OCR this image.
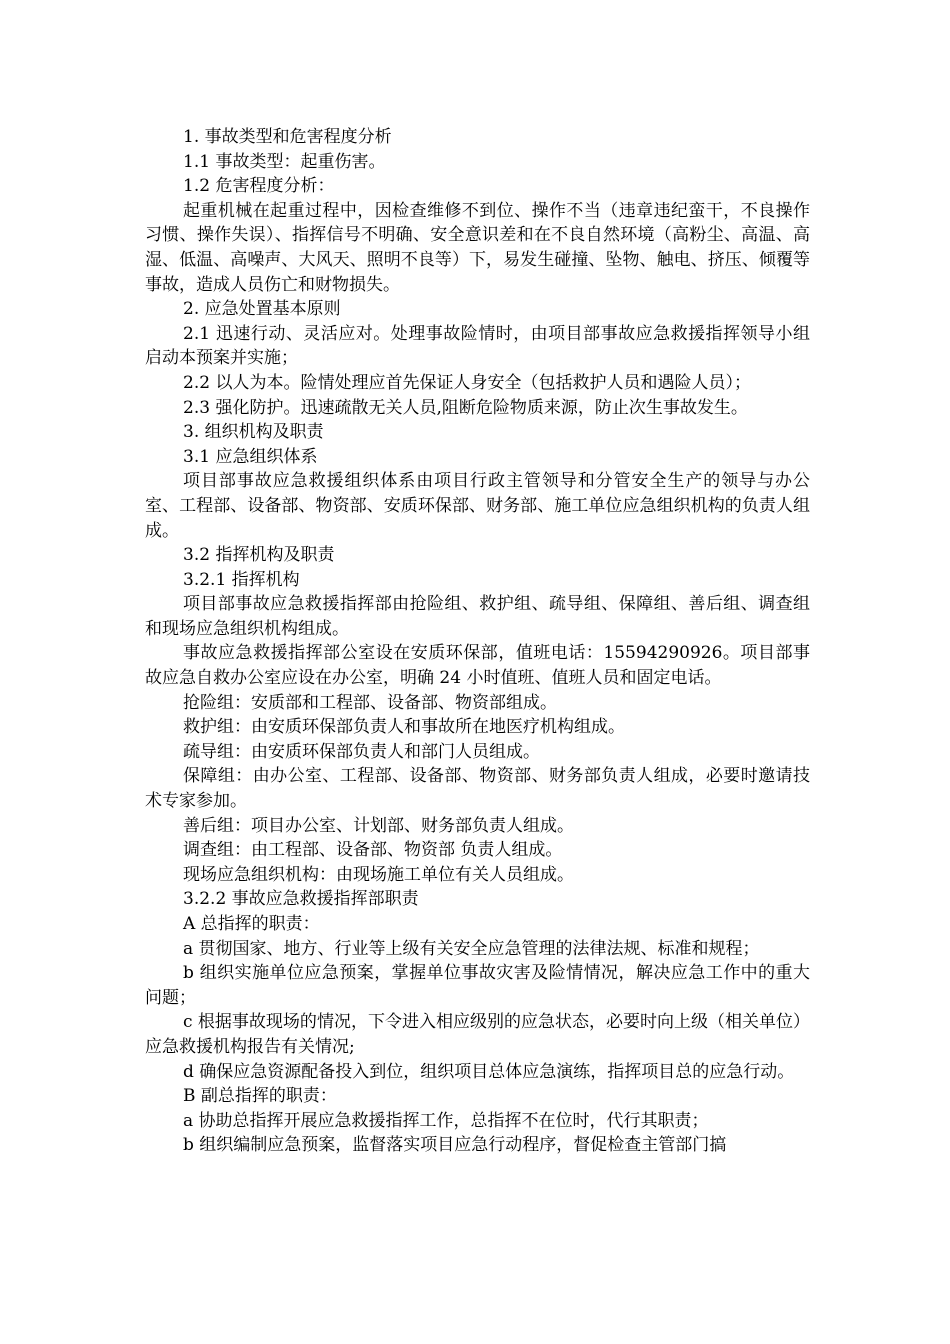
1. 事故类型和危害程度分析

1.1 事故类型：起重伤害。

1.2 危害程度分析：

起重机械在起重过程中，因检查维修不到位、操作不当（违章违纪蛮干，不良操作习惯、操作失误）、指挥信号不明确、安全意识差和在不良自然环境（高粉尘、高温、高湿、低温、高噪声、大风天、照明不良等）下，易发生碰撞、坠物、触电、挤压、倾覆等事故，造成人员伤亡和财物损失。

2. 应急处置基本原则

2.1 迅速行动、灵活应对。处理事故险情时，由项目部事故应急救援指挥领导小组启动本预案并实施；

2.2 以人为本。险情处理应首先保证人身安全（包括救护人员和遇险人员）；

2.3 强化防护。迅速疏散无关人员,阻断危险物质来源，防止次生事故发生。

3. 组织机构及职责

3.1 应急组织体系

项目部事故应急救援组织体系由项目行政主管领导和分管安全生产的领导与办公室、工程部、设备部、物资部、安质环保部、财务部、施工单位应急组织机构的负责人组成。

3.2 指挥机构及职责

3.2.1 指挥机构

项目部事故应急救援指挥部由抢险组、救护组、疏导组、保障组、善后组、调查组和现场应急组织机构组成。

事故应急救援指挥部公室设在安质环保部，值班电话：15594290926。项目部事故应急自救办公室应设在办公室，明确 24 小时值班、值班人员和固定电话。

抢险组：安质部和工程部、设备部、物资部组成。

救护组：由安质环保部负责人和事故所在地医疗机构组成。

疏导组：由安质环保部负责人和部门人员组成。

保障组：由办公室、工程部、设备部、物资部、财务部负责人组成，必要时邀请技术专家参加。

善后组：项目办公室、计划部、财务部负责人组成。

调查组：由工程部、设备部、物资部 负责人组成。

现场应急组织机构：由现场施工单位有关人员组成。

3.2.2 事故应急救援指挥部职责

A 总指挥的职责：

a 贯彻国家、地方、行业等上级有关安全应急管理的法律法规、标准和规程；

b 组织实施单位应急预案，掌握单位事故灾害及险情情况，解决应急工作中的重大问题；

c 根据事故现场的情况，下令进入相应级别的应急状态，必要时向上级（相关单位）应急救援机构报告有关情况;

d 确保应急资源配备投入到位，组织项目总体应急演练，指挥项目总的应急行动。

B 副总指挥的职责：

a 协助总指挥开展应急救援指挥工作，总指挥不在位时，代行其职责；

b 组织编制应急预案，监督落实项目应急行动程序，督促检查主管部门搞
